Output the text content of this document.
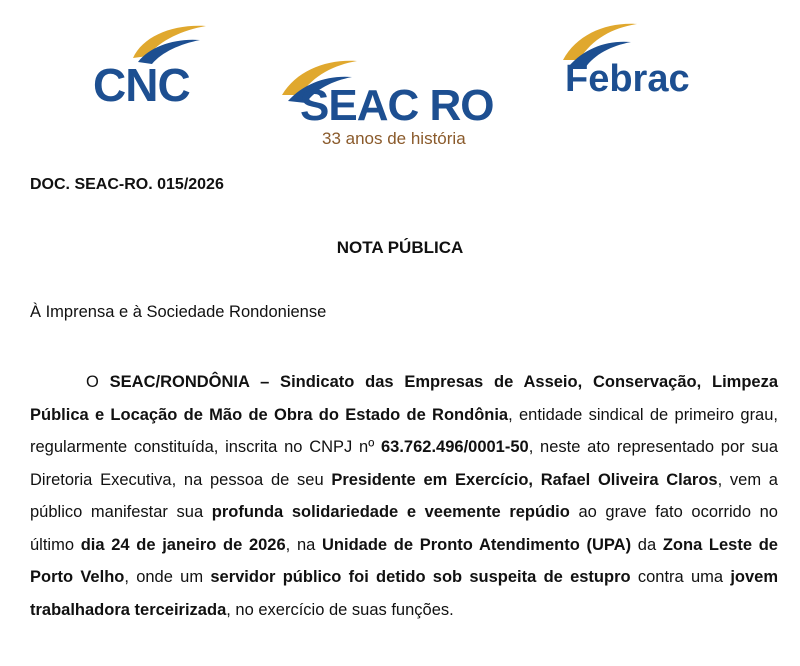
CNC	SEAC RO
33 anos de história
Febrac
DOC. SEAC-RO. 015/2026
NOTA PÚBLICA
À Imprensa e à Sociedade Rondoniense
O SEAC/RONDÔNIA – Sindicato das Empresas de Asseio, Conservação, Limpeza Pública e Locação de Mão de Obra do Estado de Rondônia, entidade sindical de primeiro grau, regularmente constituída, inscrita no CNPJ nº 63.762.496/0001-50, neste ato representado por sua Diretoria Executiva, na pessoa de seu Presidente em Exercício, Rafael Oliveira Claros, vem a público manifestar sua profunda solidariedade e veemente repúdio ao grave fato ocorrido no último dia 24 de janeiro de 2026, na Unidade de Pronto Atendimento (UPA) da Zona Leste de Porto Velho, onde um servidor público foi detido sob suspeita de estupro contra uma jovem trabalhadora terceirizada, no exercício de suas funções.
